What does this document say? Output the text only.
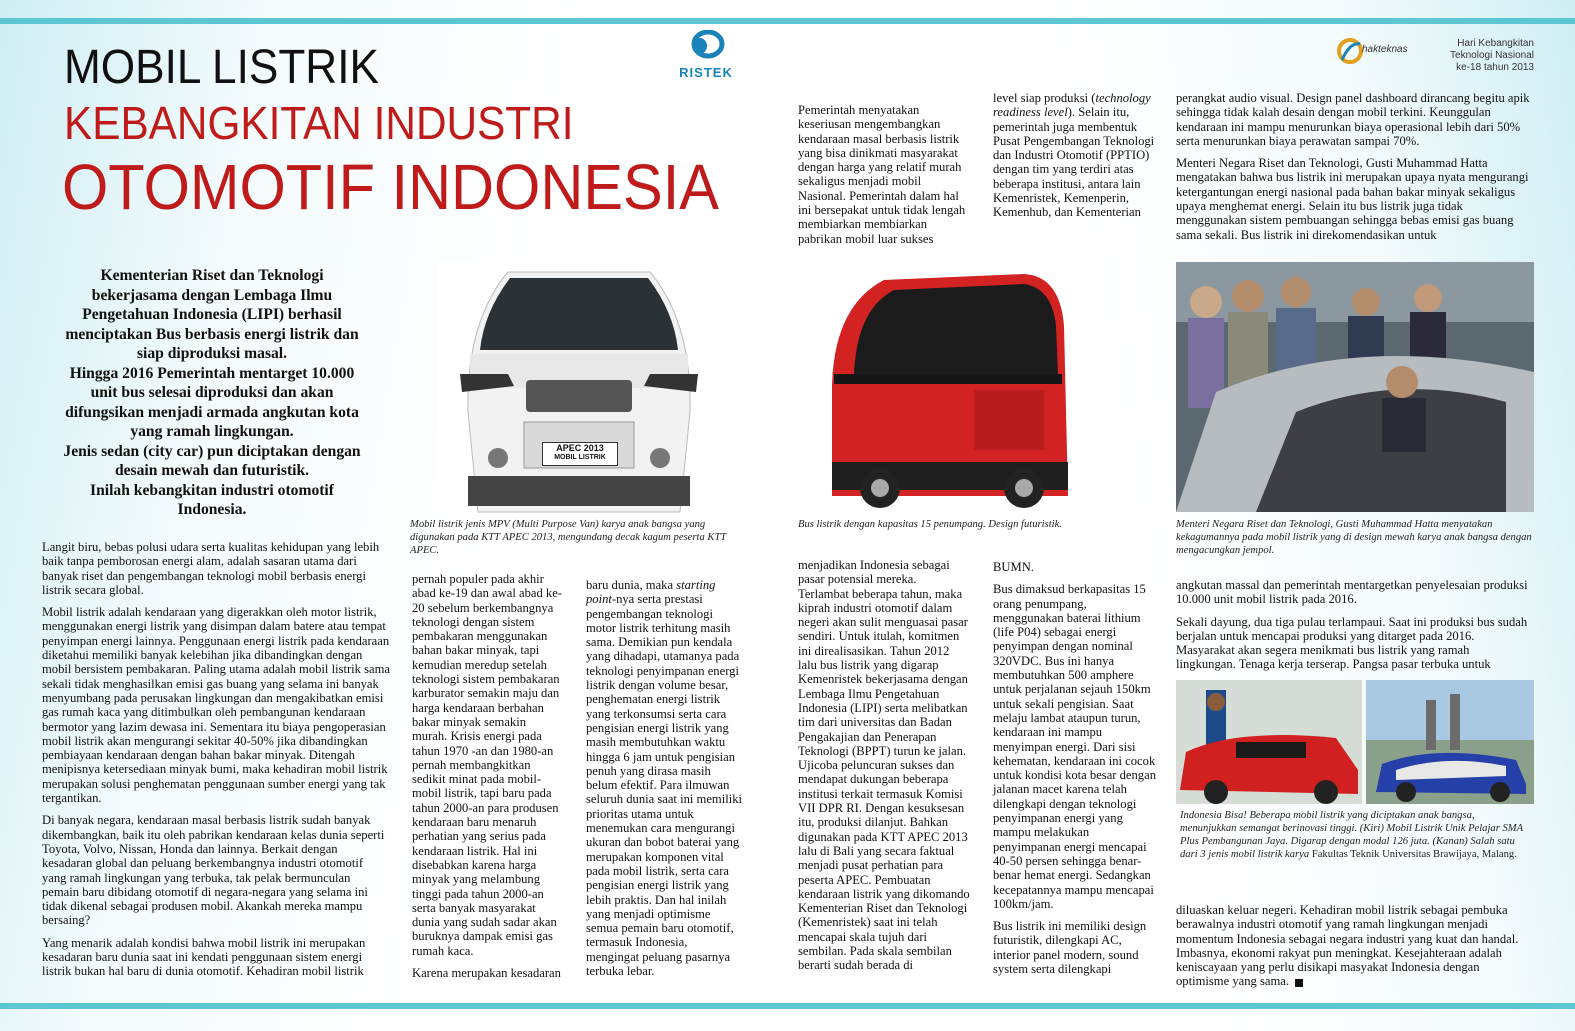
MOBIL LISTRIK
KEBANGKITAN INDUSTRI
OTOMOTIF INDONESIA
RISTEK
hakteknas
Hari Kebangkitan
Teknologi Nasional
ke-18 tahun 2013
Kementerian Riset dan Teknologi bekerjasama dengan Lembaga Ilmu Pengetahuan Indonesia (LIPI) berhasil menciptakan Bus berbasis energi listrik dan siap diproduksi masal.
Hingga 2016 Pemerintah mentarget 10.000 unit bus selesai diproduksi dan akan difungsikan menjadi armada angkutan kota yang ramah lingkungan.
Jenis sedan (city car) pun diciptakan dengan desain mewah dan futuristik.
Inilah kebangkitan industri otomotif Indonesia.
APEC 2013
MOBIL LISTRIK
Mobil listrik jenis MPV (Multi Purpose Van) karya anak bangsa yang digunakan pada KTT APEC 2013, mengundang decak kagum peserta KTT APEC.
Bus listrik dengan kapasitas 15 penumpang. Design futuristik.	Menteri Negara Riset dan Teknologi, Gusti Muhammad Hatta menyatakan kekagumannya pada mobil listrik yang di design mewah karya anak bangsa dengan mengacungkan jempol.
Indonesia Bisa! Beberapa mobil listrik yang diciptakan anak bangsa, menunjukkan semangat berinovasi tinggi. (Kiri) Mobil Listrik Unik Pelajar SMA Plus Pembangunan Jaya. Digarap dengan modal 126 juta. (Kanan) Salah satu dari 3 jenis mobil listrik karya Fakultas Teknik Universitas Brawijaya, Malang.

Langit biru, bebas polusi udara serta kualitas kehidupan yang lebih baik tanpa pemborosan energi alam, adalah sasaran utama dari banyak riset dan pengembangan teknologi mobil berbasis energi listrik secara global.

Mobil listrik adalah kendaraan yang digerakkan oleh motor listrik, menggunakan energi listrik yang disimpan dalam batere atau tempat penyimpan energi lainnya. Penggunaan energi listrik pada kendaraan diketahui memiliki banyak kelebihan jika dibandingkan dengan mobil bersistem pembakaran. Paling utama adalah mobil listrik sama sekali tidak menghasilkan emisi gas buang yang selama ini banyak menyumbang pada perusakan lingkungan dan mengakibatkan emisi gas rumah kaca yang ditimbulkan oleh pembangunan kendaraan bermotor yang lazim dewasa ini. Sementara itu biaya pengoperasian mobil listrik akan mengurangi sekitar 40-50% jika dibandingkan pembiayaan kendaraan dengan bahan bakar minyak. Ditengah menipisnya ketersediaan minyak bumi, maka kehadiran mobil listrik merupakan solusi penghematan penggunaan sumber energi yang tak tergantikan.

Di banyak negara, kendaraan masal berbasis listrik sudah banyak dikembangkan, baik itu oleh pabrikan kendaraan kelas dunia seperti Toyota, Volvo, Nissan, Honda dan lainnya. Berkait dengan kesadaran global dan peluang berkembangnya industri otomotif yang ramah lingkungan yang terbuka, tak pelak bermunculan pemain baru dibidang otomotif di negara-negara yang selama ini tidak dikenal sebagai produsen mobil. Akankah mereka mampu bersaing?

Yang menarik adalah kondisi bahwa mobil listrik ini merupakan kesadaran baru dunia saat ini kendati penggunaan sistem energi listrik bukan hal baru di dunia otomotif. Kehadiran mobil listrik

pernah populer pada akhir abad ke-19 dan awal abad ke-20 sebelum berkembangnya teknologi dengan sistem pembakaran menggunakan bahan bakar minyak, tapi kemudian meredup setelah teknologi sistem pembakaran karburator semakin maju dan harga kendaraan berbahan bakar minyak semakin murah. Krisis energi pada tahun 1970 -an dan 1980-an pernah membangkitkan sedikit minat pada mobil-mobil listrik, tapi baru pada tahun 2000-an para produsen kendaraan baru menaruh perhatian yang serius pada kendaraan listrik. Hal ini disebabkan karena harga minyak yang melambung tinggi pada tahun 2000-an serta banyak masyarakat dunia yang sudah sadar akan buruknya dampak emisi gas rumah kaca.

Karena merupakan kesadaran

baru dunia, maka starting point-nya serta prestasi pengembangan teknologi motor listrik terhitung masih sama. Demikian pun kendala yang dihadapi, utamanya pada teknologi penyimpanan energi listrik dengan volume besar, penghematan energi listrik yang terkonsumsi serta cara pengisian energi listrik yang masih membutuhkan waktu hingga 6 jam untuk pengisian penuh yang dirasa masih belum efektif. Para ilmuwan seluruh dunia saat ini memiliki prioritas utama untuk menemukan cara mengurangi ukuran dan bobot baterai yang merupakan komponen vital pada mobil listrik, serta cara pengisian energi listrik yang lebih praktis. Dan hal inilah yang menjadi optimisme semua pemain baru otomotif, termasuk Indonesia, mengingat peluang pasarnya terbuka lebar.

Pemerintah menyatakan keseriusan mengembangkan kendaraan masal berbasis listrik yang bisa dinikmati masyarakat dengan harga yang relatif murah sekaligus menjadi mobil Nasional. Pemerintah dalam hal ini bersepakat untuk tidak lengah membiarkan membiarkan pabrikan mobil luar sukses

level siap produksi (technology readiness level). Selain itu, pemerintah juga membentuk Pusat Pengembangan Teknologi dan Industri Otomotif (PPTIO) dengan tim yang terdiri atas beberapa institusi, antara lain Kemenristek, Kemenperin, Kemenhub, dan Kementerian

menjadikan Indonesia sebagai pasar potensial mereka. Terlambat beberapa tahun, maka kiprah industri otomotif dalam negeri akan sulit menguasai pasar sendiri. Untuk itulah, komitmen ini direalisasikan. Tahun 2012 lalu bus listrik yang digarap Kemenristek bekerjasama dengan Lembaga Ilmu Pengetahuan Indonesia (LIPI) serta melibatkan tim dari universitas dan Badan Pengakajian dan Penerapan Teknologi (BPPT) turun ke jalan. Ujicoba peluncuran sukses dan mendapat dukungan beberapa institusi terkait termasuk Komisi VII DPR RI. Dengan kesuksesan itu, produksi dilanjut. Bahkan digunakan pada KTT APEC 2013 lalu di Bali yang secara faktual menjadi pusat perhatian para peserta APEC. Pembuatan kendaraan listrik yang dikomando Kementerian Riset dan Teknologi (Kemenristek) saat ini telah mencapai skala tujuh dari sembilan. Pada skala sembilan berarti sudah berada di

BUMN.

Bus dimaksud berkapasitas 15 orang penumpang, menggunakan baterai lithium (life P04) sebagai energi penyimpan dengan nominal 320VDC. Bus ini hanya membutuhkan 500 amphere untuk perjalanan sejauh 150km untuk sekali pengisian. Saat melaju lambat ataupun turun, kendaraan ini mampu menyimpan energi. Dari sisi kehematan, kendaraan ini cocok untuk kondisi kota besar dengan jalanan macet karena telah dilengkapi dengan teknologi penyimpanan energi yang mampu melakukan penyimpanan energi mencapai 40-50 persen sehingga benar-benar hemat energi. Sedangkan kecepatannya mampu mencapai 100km/jam.

Bus listrik ini memiliki design futuristik, dilengkapi AC, interior panel modern, sound system serta dilengkapi

perangkat audio visual. Design panel dashboard dirancang begitu apik sehingga tidak kalah desain dengan mobil terkini. Keunggulan kendaraan ini mampu menurunkan biaya operasional lebih dari 50% serta menurunkan biaya perawatan sampai 70%.

Menteri Negara Riset dan Teknologi, Gusti Muhammad Hatta mengatakan bahwa bus listrik ini merupakan upaya nyata mengurangi ketergantungan energi nasional pada bahan bakar minyak sekaligus upaya menghemat energi. Selain itu bus listrik juga tidak menggunakan sistem pembuangan sehingga bebas emisi gas buang sama sekali. Bus listrik ini direkomendasikan untuk

angkutan massal dan pemerintah mentargetkan penyelesaian produksi 10.000 unit mobil listrik pada 2016.

Sekali dayung, dua tiga pulau terlampaui. Saat ini produksi bus sudah berjalan untuk mencapai produksi yang ditarget pada 2016. Masyarakat akan segera menikmati bus listrik yang ramah lingkungan. Tenaga kerja terserap. Pangsa pasar terbuka untuk

diluaskan keluar negeri. Kehadiran mobil listrik sebagai pembuka berawalnya industri otomotif yang ramah lingkungan menjadi momentum Indonesia sebagai negara industri yang kuat dan handal. Imbasnya, ekonomi rakyat pun meningkat. Kesejahteraan adalah keniscayaan yang perlu disikapi masyakat Indonesia dengan optimisme yang sama.
